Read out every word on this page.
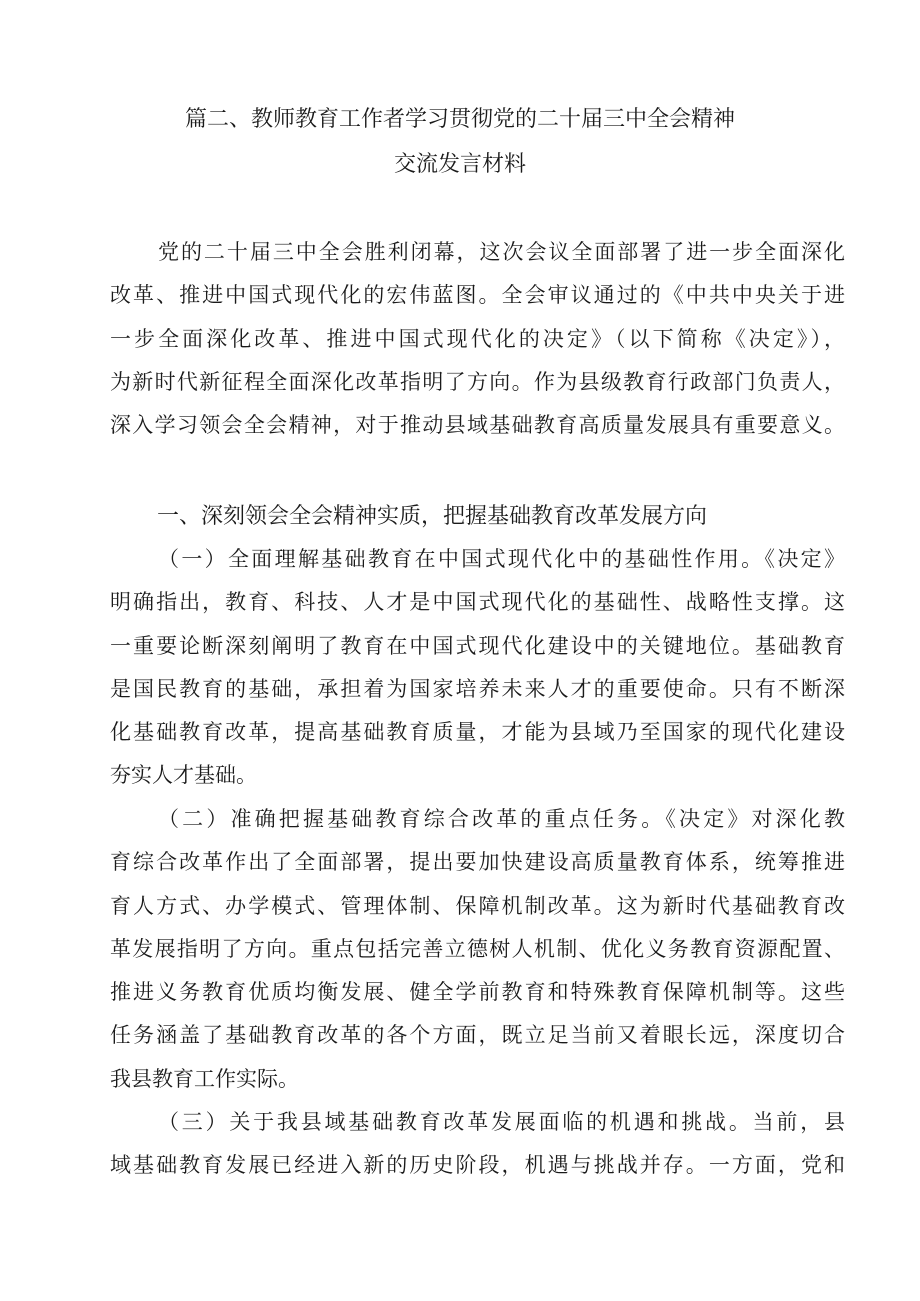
篇二、教师教育工作者学习贯彻党的二十届三中全会精神
交流发言材料
党的二十届三中全会胜利闭幕，这次会议全面部署了进一步全面深化
改革、推进中国式现代化的宏伟蓝图。全会审议通过的《中共中央关于进
一步全面深化改革、推进中国式现代化的决定》（以下简称《决定》），
为新时代新征程全面深化改革指明了方向。作为县级教育行政部门负责人，
深入学习领会全会精神，对于推动县域基础教育高质量发展具有重要意义。
一、深刻领会全会精神实质，把握基础教育改革发展方向
（一）全面理解基础教育在中国式现代化中的基础性作用。《决定》
明确指出，教育、科技、人才是中国式现代化的基础性、战略性支撑。这
一重要论断深刻阐明了教育在中国式现代化建设中的关键地位。基础教育
是国民教育的基础，承担着为国家培养未来人才的重要使命。只有不断深
化基础教育改革，提高基础教育质量，才能为县域乃至国家的现代化建设
夯实人才基础。
（二）准确把握基础教育综合改革的重点任务。《决定》对深化教
育综合改革作出了全面部署，提出要加快建设高质量教育体系，统筹推进
育人方式、办学模式、管理体制、保障机制改革。这为新时代基础教育改
革发展指明了方向。重点包括完善立德树人机制、优化义务教育资源配置、
推进义务教育优质均衡发展、健全学前教育和特殊教育保障机制等。这些
任务涵盖了基础教育改革的各个方面，既立足当前又着眼长远，深度切合
我县教育工作实际。
（三）关于我县域基础教育改革发展面临的机遇和挑战。当前，县
域基础教育发展已经进入新的历史阶段，机遇与挑战并存。一方面，党和
